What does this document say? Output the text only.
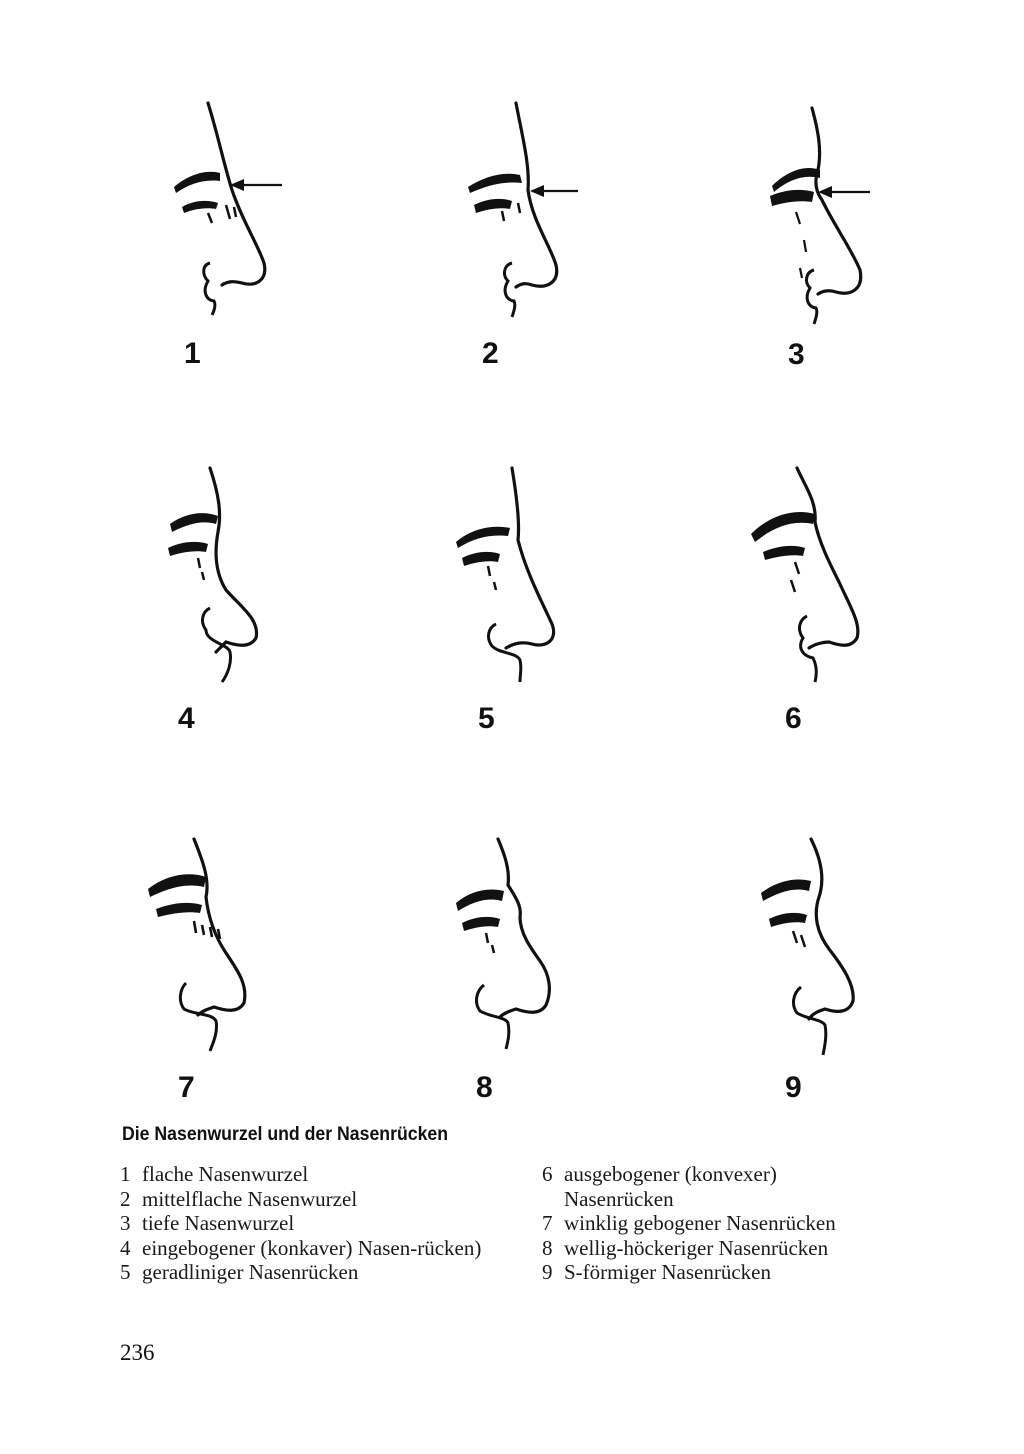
1	2	3
4	5	6
7	8	9
Die Nasenwurzel und der Nasenrücken
1 flache Nasenwurzel
2 mittelflache Nasenwurzel
3 tiefe Nasenwurzel
4 eingebogener (konkaver) Nasen-rücken)
5 geradliniger Nasenrücken
6 ausgebogener (konvexer) Nasenrücken
7 winklig gebogener Nasenrücken
8 wellig-höckeriger Nasenrücken
9 S-förmiger Nasenrücken
236
